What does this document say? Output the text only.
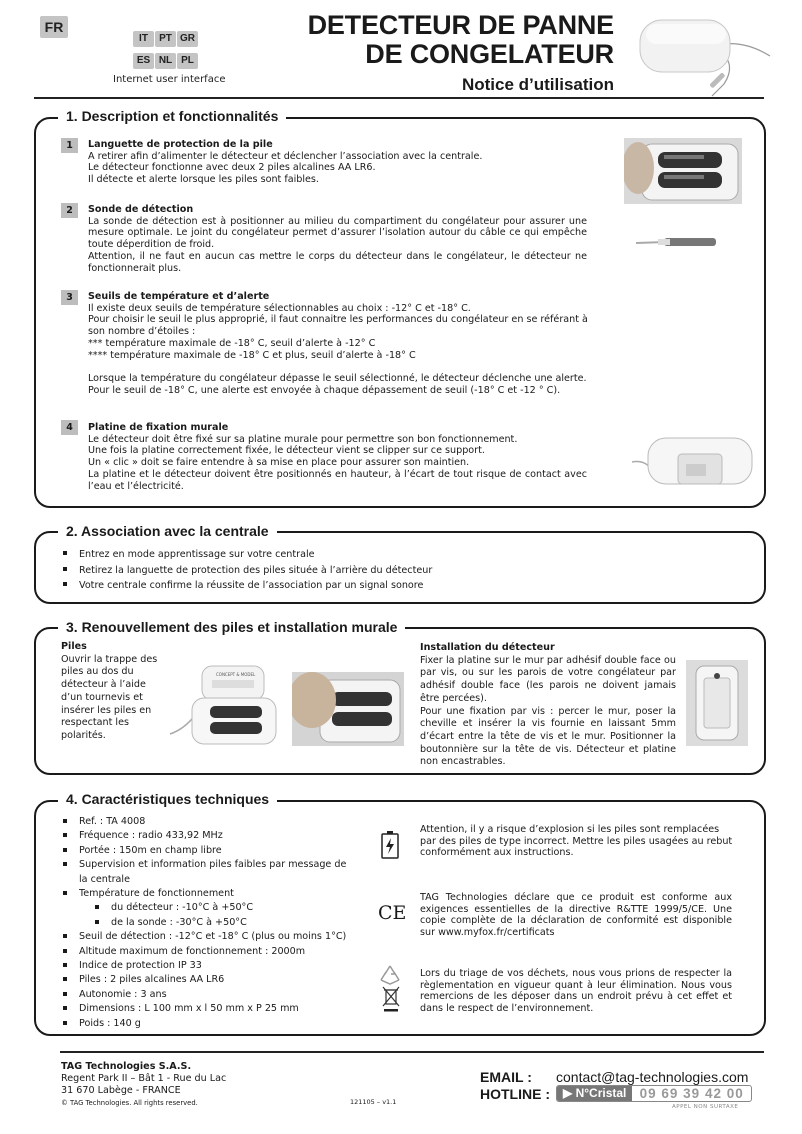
FR
IT	PT GR
ES NL PL
Internet user interface
DETECTEUR DE PANNE
DE CONGELATEUR
Notice d’utilisation
1. Description et fonctionnalités
1	Languette de protection de la pile
A retirer afin d’alimenter le détecteur et déclencher l’association avec la centrale.
Le détecteur fonctionne avec deux 2 piles alcalines AA LR6.
Il détecte et alerte lorsque les piles sont faibles.
2	Sonde de détection
La sonde de détection est à positionner au milieu du compartiment du congélateur pour assurer une mesure optimale. Le joint du congélateur permet d’assurer l’isolation autour du câble ce qui empêche toute déperdition de froid.
Attention, il ne faut en aucun cas mettre le corps du détecteur dans le congélateur, le détecteur ne fonctionnerait plus.
3	Seuils de température et d’alerte
Il existe deux seuils de température sélectionnables au choix : -12° C et -18° C.
Pour choisir le seuil le plus approprié, il faut connaitre les performances du congélateur en se référant à son nombre d’étoiles :
*** température maximale de -18° C, seuil d’alerte à -12° C
**** température maximale de -18° C et plus, seuil d’alerte à -18° C
Lorsque la température du congélateur dépasse le seuil sélectionné, le détecteur déclenche une alerte.
Pour le seuil de -18° C, une alerte est envoyée à chaque dépassement de seuil (-18° C et -12 ° C).
4	Platine de fixation murale
Le détecteur doit être fixé sur sa platine murale pour permettre son bon fonctionnement.
Une fois la platine correctement fixée, le détecteur vient se clipper sur ce support.
Un « clic » doit se faire entendre à sa mise en place pour assurer son maintien.
La platine et le détecteur doivent être positionnés en hauteur, à l’écart de tout risque de contact avec l’eau et l’électricité.
2. Association avec la centrale
Entrez en mode apprentissage sur votre centrale
Retirez la languette de protection des piles située à l’arrière du détecteur
Votre centrale confirme la réussite de l’association par un signal sonore
3. Renouvellement des piles et installation murale
Piles
Ouvrir la trappe des piles au dos du détecteur à l’aide d’un tournevis et insérer les piles en respectant les polarités.
CONCEPT & MODEL
Installation du détecteur
Fixer la platine sur le mur par adhésif double face ou par vis, ou sur les parois de votre congélateur par adhésif double face (les parois ne doivent jamais être percées).
Pour une fixation par vis : percer le mur, poser la cheville et insérer la vis fournie en laissant 5mm d’écart entre la tête de vis et le mur. Positionner la boutonnière sur la tête de vis. Détecteur et platine non encastrables.
4. Caractéristiques techniques
Ref. : TA 4008
Fréquence : radio 433,92 MHz
Portée : 150m en champ libre
Supervision et information piles faibles par message de la centrale
Température de fonctionnement
du détecteur : -10°C à +50°C
de la sonde : -30°C à +50°C
Seuil de détection : -12°C et -18° C (plus ou moins 1°C)
Altitude maximum de fonctionnement : 2000m
Indice de protection IP 33
Piles : 2 piles alcalines AA LR6
Autonomie : 3 ans
Dimensions : L 100 mm x l 50 mm x P 25 mm
Poids : 140 g
Attention, il y a risque d’explosion si les piles sont remplacées par des piles de type incorrect. Mettre les piles usagées au rebut conformément aux instructions.
CE
TAG Technologies déclare que ce produit est conforme aux exigences essentielles de la directive R&TTE 1999/5/CE. Une copie complète de la déclaration de conformité est disponible sur www.myfox.fr/certificats
Lors du triage de vos déchets, nous vous prions de respecter la règlementation en vigueur quant à leur élimination. Nous vous remercions de les déposer dans un endroit prévu à cet effet et dans le respect de l’environnement.
TAG Technologies S.A.S.
Regent Park II – Bât 1 - Rue du Lac
31 670 Labège - FRANCE
© TAG Technologies. All rights reserved.	121105 – v1.1
EMAIL : contact@tag-technologies.com
HOTLINE :	▶ N°Cristal 09 69 39 42 00
APPEL NON SURTAXE
